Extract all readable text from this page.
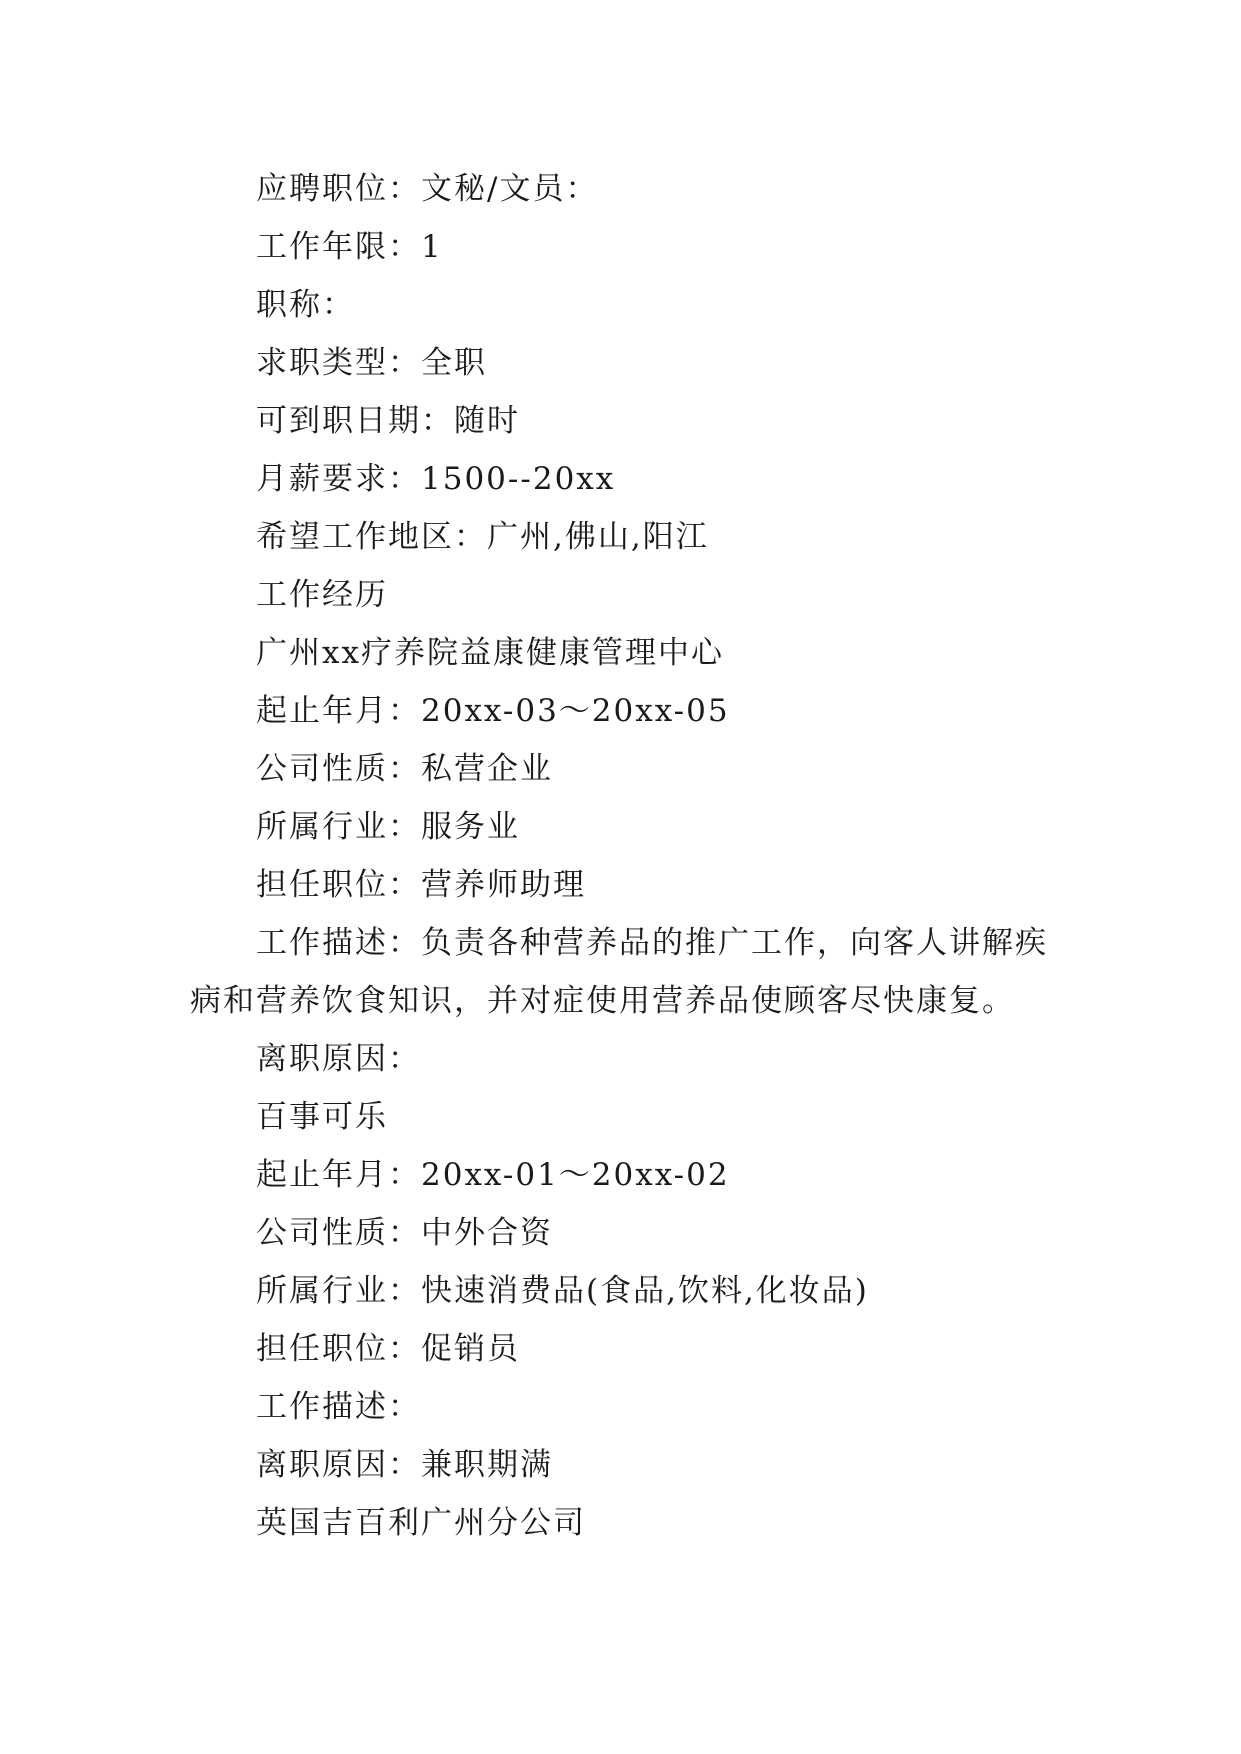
应聘职位：文秘/文员：
工作年限：1
职称：
求职类型：全职
可到职日期：随时
月薪要求：1500--20xx
希望工作地区：广州,佛山,阳江
工作经历
广州xx疗养院益康健康管理中心
起止年月：20xx-03～20xx-05
公司性质：私营企业
所属行业：服务业
担任职位：营养师助理

工作描述：负责各种营养品的推广工作，向客人讲解疾病和营养饮食知识，并对症使用营养品使顾客尽快康复。

离职原因：
百事可乐
起止年月：20xx-01～20xx-02
公司性质：中外合资
所属行业：快速消费品(食品,饮料,化妆品)
担任职位：促销员
工作描述：
离职原因：兼职期满
英国吉百利广州分公司
